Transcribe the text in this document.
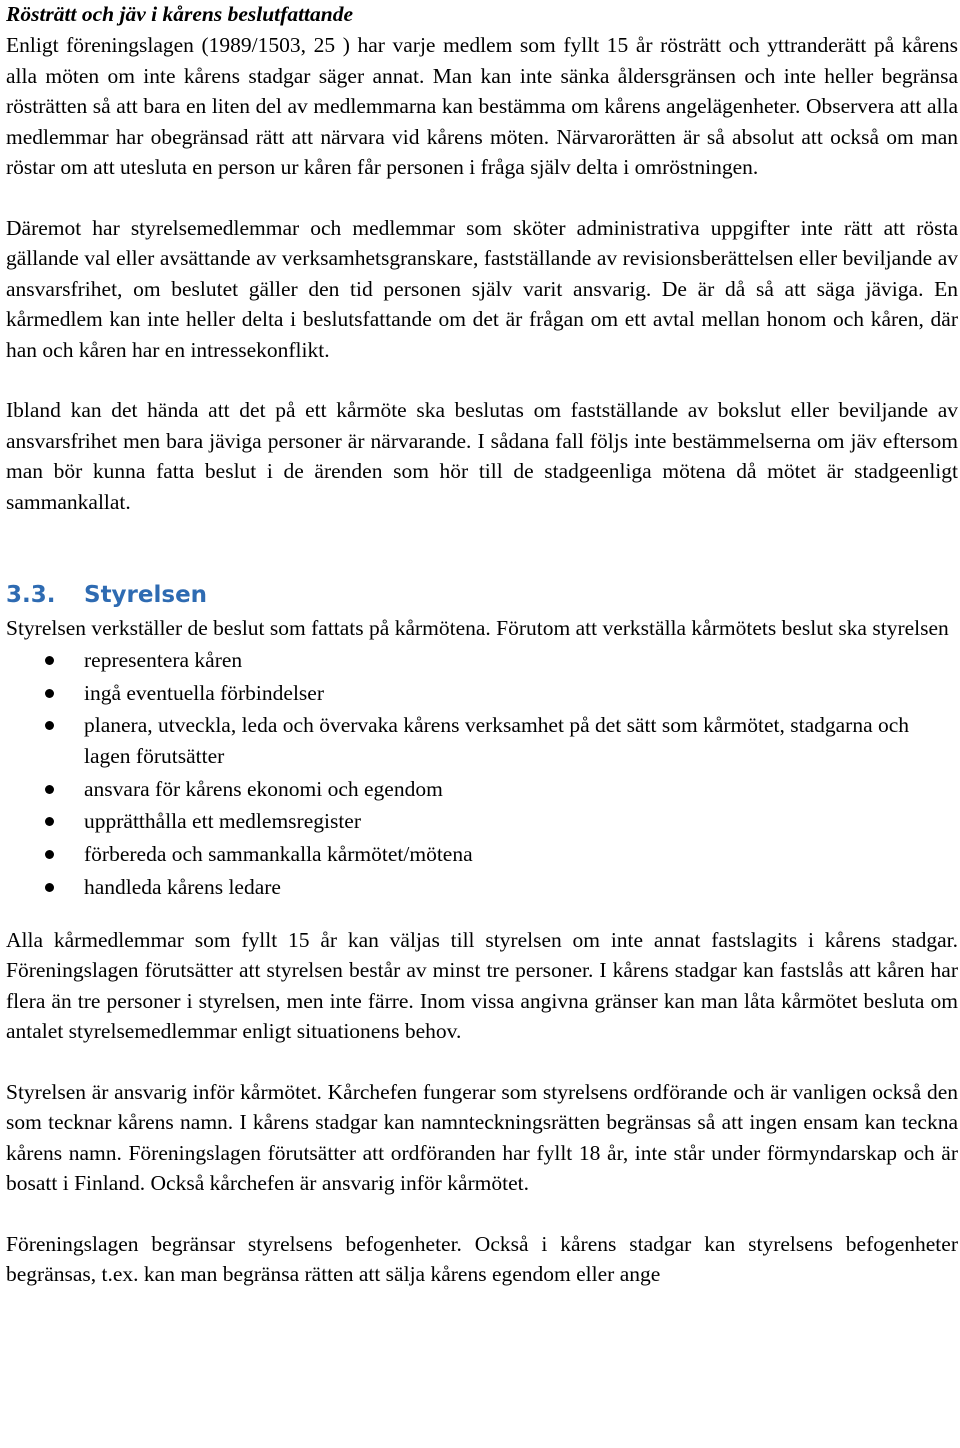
Rösträtt och jäv i kårens beslutfattande

Enligt föreningslagen (1989/1503, 25 ) har varje medlem som fyllt 15 år rösträtt och yttranderätt på kårens alla möten om inte kårens stadgar säger annat. Man kan inte sänka åldersgränsen och inte heller begränsa rösträtten så att bara en liten del av medlemmarna kan bestämma om kårens angelägenheter. Observera att alla medlemmar har obegränsad rätt att närvara vid kårens möten. Närvarorätten är så absolut att också om man röstar om att utesluta en person ur kåren får personen i fråga själv delta i omröstningen.

Däremot har styrelsemedlemmar och medlemmar som sköter administrativa uppgifter inte rätt att rösta gällande val eller avsättande av verksamhetsgranskare, fastställande av revisionsberättelsen eller beviljande av ansvarsfrihet, om beslutet gäller den tid personen själv varit ansvarig. De är då så att säga jäviga. En kårmedlem kan inte heller delta i beslutsfattande om det är frågan om ett avtal mellan honom och kåren, där han och kåren har en intressekonflikt.

Ibland kan det hända att det på ett kårmöte ska beslutas om fastställande av bokslut eller beviljande av ansvarsfrihet men bara jäviga personer är närvarande. I sådana fall följs inte bestämmelserna om jäv eftersom man bör kunna fatta beslut i de ärenden som hör till de stadgeenliga mötena då mötet är stadgeenligt sammankallat.

3.3.	Styrelsen

Styrelsen verkställer de beslut som fattats på kårmötena. Förutom att verkställa kårmötets beslut ska styrelsen

representera kåren
ingå eventuella förbindelser
planera, utveckla, leda och övervaka kårens verksamhet på det sätt som kårmötet, stadgarna och lagen förutsätter
ansvara för kårens ekonomi och egendom
upprätthålla ett medlemsregister
förbereda och sammankalla kårmötet/mötena
handleda kårens ledare

Alla kårmedlemmar som fyllt 15 år kan väljas till styrelsen om inte annat fastslagits i kårens stadgar. Föreningslagen förutsätter att styrelsen består av minst tre personer. I kårens stadgar kan fastslås att kåren har flera än tre personer i styrelsen, men inte färre. Inom vissa angivna gränser kan man låta kårmötet besluta om antalet styrelsemedlemmar enligt situationens behov.

Styrelsen är ansvarig inför kårmötet. Kårchefen fungerar som styrelsens ordförande och är vanligen också den som tecknar kårens namn. I kårens stadgar kan namnteckningsrätten begränsas så att ingen ensam kan teckna kårens namn. Föreningslagen förutsätter att ordföranden har fyllt 18 år, inte står under förmyndarskap och är bosatt i Finland. Också kårchefen är ansvarig inför kårmötet.

Föreningslagen begränsar styrelsens befogenheter. Också i kårens stadgar kan styrelsens befogenheter begränsas, t.ex. kan man begränsa rätten att sälja kårens egendom eller ange
